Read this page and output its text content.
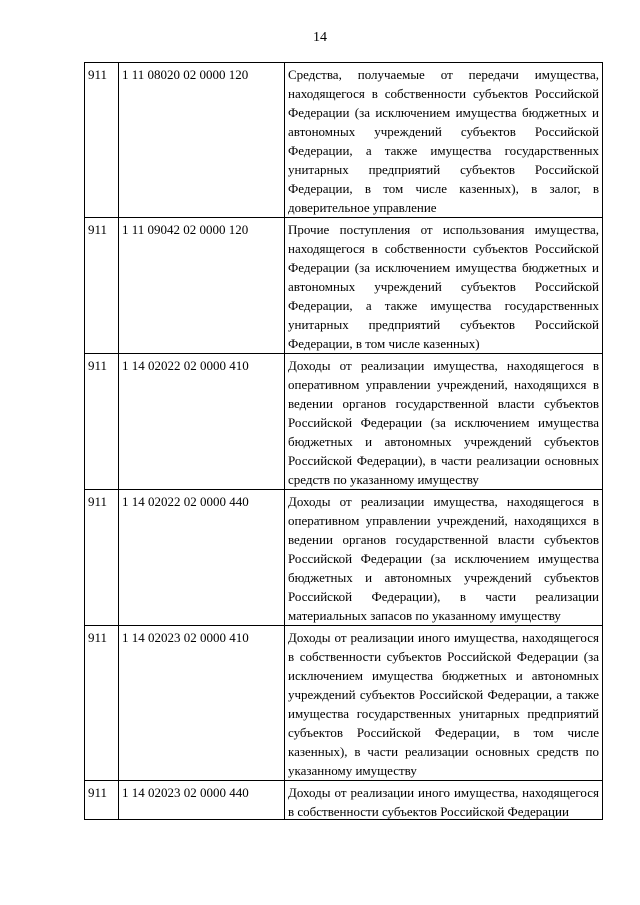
14
911	1 11 08020 02 0000 120	Средства, получаемые от передачи имущества, находящегося в собственности субъектов Российской Федерации (за исключением имущества бюджетных и автономных учреждений субъектов Российской Федерации, а также имущества государственных унитарных предприятий субъектов Российской Федерации, в том числе казенных), в залог, в доверительное управление
911	1 11 09042 02 0000 120	Прочие поступления от использования имущества, находящегося в собственности субъектов Российской Федерации (за исключением имущества бюджетных и автономных учреждений субъектов Российской Федерации, а также имущества государственных унитарных предприятий субъектов Российской Федерации, в том числе казенных)
911	1 14 02022 02 0000 410	Доходы от реализации имущества, находящегося в оперативном управлении учреждений, находящихся в ведении органов государственной власти субъектов Российской Федерации (за исключением имущества бюджетных и автономных учреждений субъектов Российской Федерации), в части реализации основных средств по указанному имуществу
911	1 14 02022 02 0000 440	Доходы от реализации имущества, находящегося в оперативном управлении учреждений, находящихся в ведении органов государственной власти субъектов Российской Федерации (за исключением имущества бюджетных и автономных учреждений субъектов Российской Федерации), в части реализации материальных запасов по указанному имуществу
911	1 14 02023 02 0000 410	Доходы от реализации иного имущества, находящегося в собственности субъектов Российской Федерации (за исключением имущества бюджетных и автономных учреждений субъектов Российской Федерации, а также имущества государственных унитарных предприятий субъектов Российской Федерации, в том числе казенных), в части реализации основных средств по указанному имуществу
911	1 14 02023 02 0000 440	Доходы от реализации иного имущества, находящегося в собственности субъектов Российской Федерации
